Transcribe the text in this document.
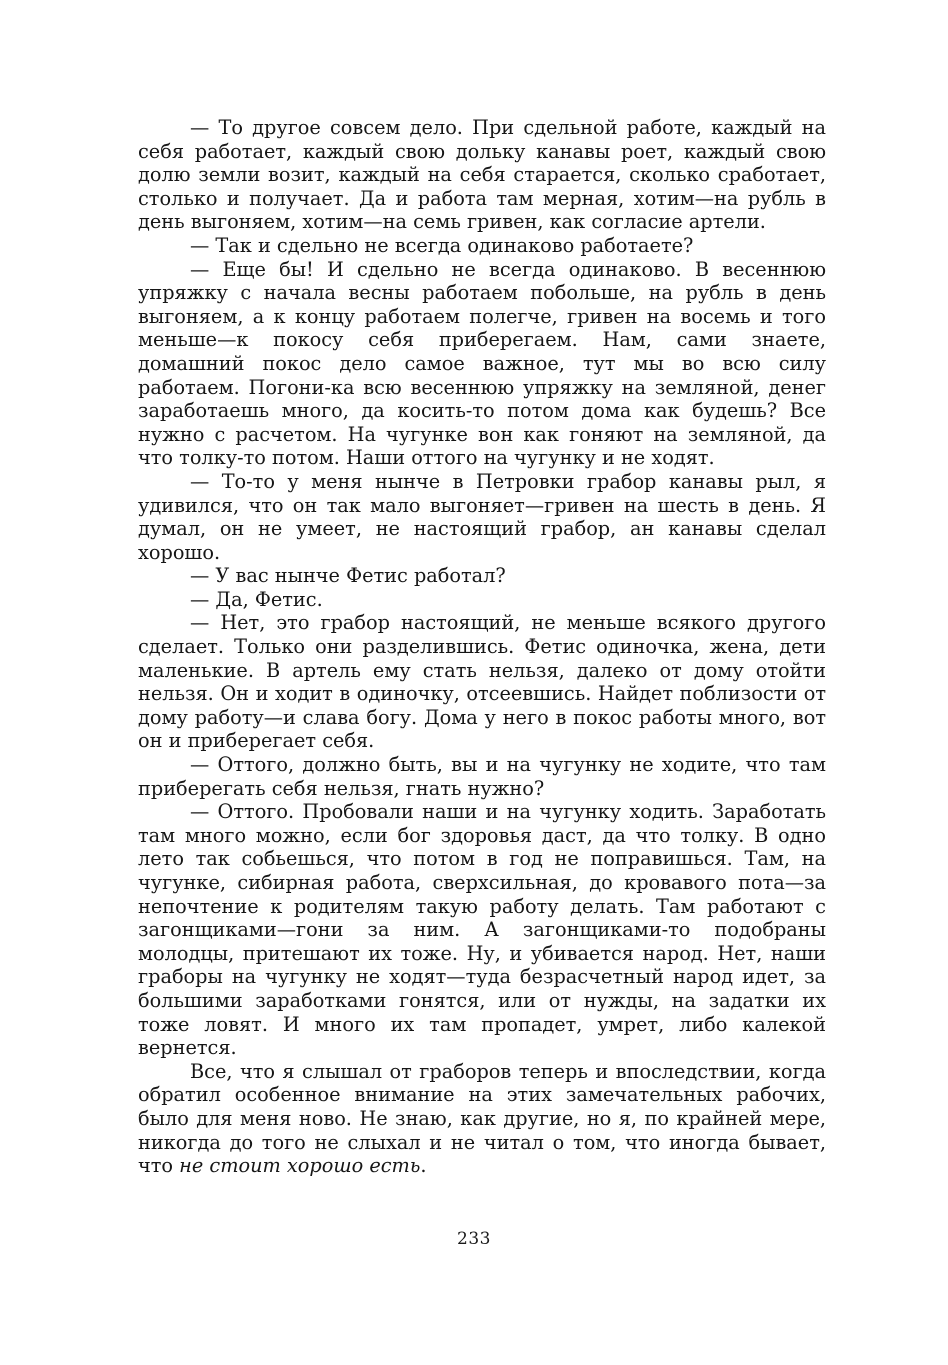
— То другое совсем дело. При сдельной работе, каждый на себя работает, каждый свою дольку канавы роет, каждый свою долю земли возит, каждый на себя старается, сколько сработает, столько и получает. Да и работа там мерная, хотим—на рубль в день выгоняем, хотим—на семь гривен, как согласие артели.

— Так и сдельно не всегда одинаково работаете?

— Еще бы! И сдельно не всегда одинаково. В весеннюю упряжку с начала весны работаем побольше, на рубль в день выгоняем, а к концу работаем полегче, гривен на восемь и того меньше—к покосу себя приберегаем. Нам, сами знаете, домашний покос дело самое важное, тут мы во всю силу работаем. Погони-ка всю весеннюю упряжку на земляной, денег заработаешь много, да косить-то потом дома как будешь? Все нужно с расчетом. На чугунке вон как гоняют на земляной, да что толку-то потом. Наши оттого на чугунку и не ходят.

— То-то у меня нынче в Петровки грабор канавы рыл, я удивился, что он так мало выгоняет—гривен на шесть в день. Я думал, он не умеет, не настоящий грабор, ан канавы сделал хорошо.

— У вас нынче Фетис работал?

— Да, Фетис.

— Нет, это грабор настоящий, не меньше всякого другого сделает. Только они разделившись. Фетис одиночка, жена, дети маленькие. В артель ему стать нельзя, далеко от дому отойти нельзя. Он и ходит в одиночку, отсеевшись. Найдет поблизости от дому работу—и слава богу. Дома у него в покос работы много, вот он и приберегает себя.

— Оттого, должно быть, вы и на чугунку не ходите, что там приберегать себя нельзя, гнать нужно?

— Оттого. Пробовали наши и на чугунку ходить. Заработать там много можно, если бог здоровья даст, да что толку. В одно лето так собьешься, что потом в год не поправишься. Там, на чугунке, сибирная работа, сверхсильная, до кровавого пота—за непочтение к родителям такую работу делать. Там работают с загонщиками—гони за ним. А загонщиками-то подобраны молодцы, притешают их тоже. Ну, и убивается народ. Нет, наши граборы на чугунку не ходят—туда безрасчетный народ идет, за большими заработками гонятся, или от нужды, на задатки их тоже ловят. И много их там пропадет, умрет, либо калекой вернется.

Все, что я слышал от граборов теперь и впоследствии, когда обратил особенное внимание на этих замечательных рабочих, было для меня ново. Не знаю, как другие, но я, по крайней мере, никогда до того не слыхал и не читал о том, что иногда бывает, что не стоит хорошо есть.

233
